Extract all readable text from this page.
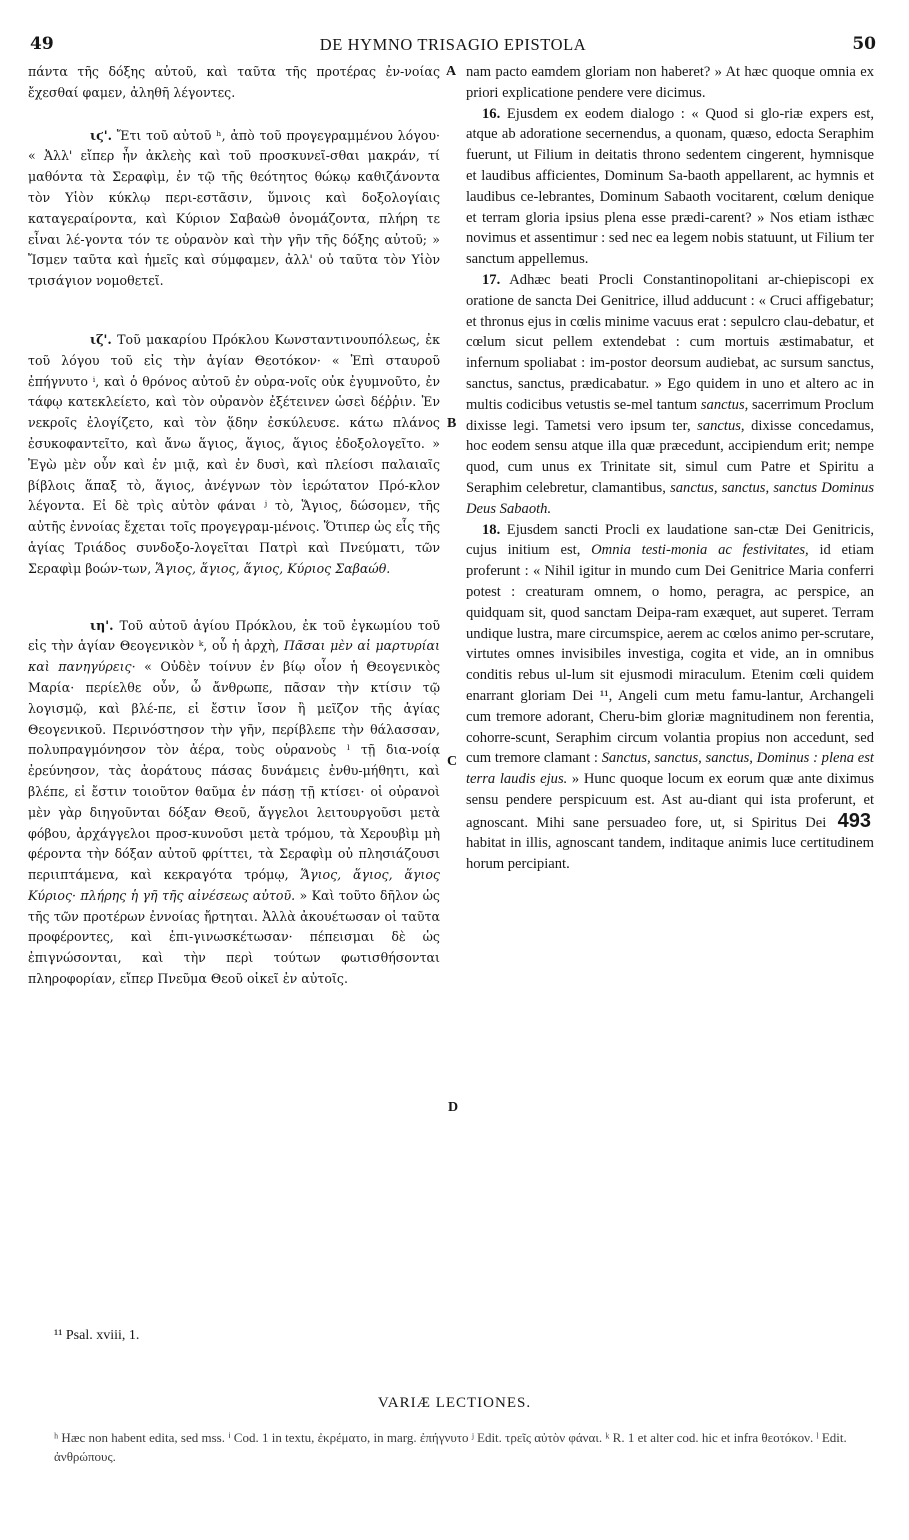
49	DE HYMNO TRISAGIO EPISTOLA	50
A
B
C
D

πάντα τῆς δόξης αὐτοῦ, καὶ ταῦτα τῆς προτέρας ἐν-νοίας ἔχεσθαί φαμεν, ἀληθῆ λέγοντες.

ιϛ'. Ἔτι τοῦ αὐτοῦ ʰ, ἀπὸ τοῦ προγεγραμμένου λόγου· « Ἀλλ' εἴπερ ἦν ἀκλεὴς καὶ τοῦ προσκυνεῖ-σθαι μακράν, τί μαθόντα τὰ Σεραφὶμ, ἐν τῷ τῆς θεότητος θώκῳ καθιζάνοντα τὸν Υἱὸν κύκλῳ περι-εστᾶσιν, ὕμνοις καὶ δοξολογίαις καταγεραίροντα, καὶ Κύριον Σαβαὼθ ὀνομάζοντα, πλήρη τε εἶναι λέ-γοντα τόν τε οὐρανὸν καὶ τὴν γῆν τῆς δόξης αὐτοῦ; » Ἴσμεν ταῦτα καὶ ἡμεῖς καὶ σύμφαμεν, ἀλλ' οὐ ταῦτα τὸν Υἱὸν τρισάγιον νομοθετεῖ.

ιζ'. Τοῦ μακαρίου Πρόκλου Κωνσταντινουπόλεως, ἐκ τοῦ λόγου τοῦ εἰς τὴν ἁγίαν Θεοτόκον· « Ἐπὶ σταυροῦ ἐπήγνυτο ⁱ, καὶ ὁ θρόνος αὐτοῦ ἐν οὐρα-νοῖς οὐκ ἐγυμνοῦτο, ἐν τάφῳ κατεκλείετο, καὶ τὸν οὐρανὸν ἐξέτεινεν ὡσεὶ δέῤῥιν. Ἐν νεκροῖς ἐλογίζετο, καὶ τὸν ᾅδην ἐσκύλευσε. κάτω πλάνος ἐσυκοφαντεῖτο, καὶ ἄνω ἅγιος, ἅγιος, ἅγιος ἐδοξολογεῖτο. » Ἐγὼ μὲν οὖν καὶ ἐν μιᾷ, καὶ ἐν δυσὶ, καὶ πλείοσι παλαιαῖς βίβλοις ἅπαξ τὸ, ἅγιος, ἀνέγνων τὸν ἱερώτατον Πρό-κλον λέγοντα. Εἰ δὲ τρὶς αὐτὸν φάναι ʲ τὸ, Ἅγιος, δώσομεν, τῆς αὐτῆς ἐννοίας ἔχεται τοῖς προγεγραμ-μένοις. Ὅτιπερ ὡς εἷς τῆς ἁγίας Τριάδος συνδοξο-λογεῖται Πατρὶ καὶ Πνεύματι, τῶν Σεραφὶμ βοών-των, Ἅγιος, ἅγιος, ἅγιος, Κύριος Σαβαώθ.

ιη'. Τοῦ αὐτοῦ ἁγίου Πρόκλου, ἐκ τοῦ ἐγκωμίου τοῦ εἰς τὴν ἁγίαν Θεογενικὸν ᵏ, οὗ ἡ ἀρχὴ, Πᾶσαι μὲν αἱ μαρτυρίαι καὶ πανηγύρεις· « Οὐδὲν τοίνυν ἐν βίῳ οἷον ἡ Θεογενικὸς Μαρία· περίελθε οὖν, ὦ ἄνθρωπε, πᾶσαν τὴν κτίσιν τῷ λογισμῷ, καὶ βλέ-πε, εἰ ἔστιν ἴσον ἢ μεῖζον τῆς ἁγίας Θεογενικοῦ. Περινόστησον τὴν γῆν, περίβλεπε τὴν θάλασσαν, πολυπραγμόνησον τὸν ἀέρα, τοὺς οὐρανοὺς ˡ τῇ δια-νοίᾳ ἐρεύνησον, τὰς ἀοράτους πάσας δυνάμεις ἐνθυ-μήθητι, καὶ βλέπε, εἰ ἔστιν τοιοῦτον θαῦμα ἐν πάσῃ τῇ κτίσει· οἱ οὐρανοὶ μὲν γὰρ διηγοῦνται δόξαν Θεοῦ, ἄγγελοι λειτουργοῦσι μετὰ φόβου, ἀρχάγγελοι προσ-κυνοῦσι μετὰ τρόμου, τὰ Χερουβὶμ μὴ φέροντα τὴν δόξαν αὐτοῦ φρίττει, τὰ Σεραφὶμ οὐ πλησιάζουσι περιιπτάμενα, καὶ κεκραγότα τρόμῳ, Ἅγιος, ἅγιος, ἅγιος Κύριος· πλήρης ἡ γῆ τῆς αἰνέσεως αὐτοῦ. » Καὶ τοῦτο δῆλον ὡς τῆς τῶν προτέρων ἐννοίας ἤρτηται. Ἀλλὰ ἀκουέτωσαν οἱ ταῦτα προφέροντες, καὶ ἐπι-γινωσκέτωσαν· πέπεισμαι δὲ ὡς ἐπιγνώσονται, καὶ τὴν περὶ τούτων φωτισθήσονται πληροφορίαν, εἴπερ Πνεῦμα Θεοῦ οἰκεῖ ἐν αὐτοῖς.

nam pacto eamdem gloriam non haberet? » At hæc quoque omnia ex priori explicatione pendere vere dicimus.

16. Ejusdem ex eodem dialogo : « Quod si glo-riæ expers est, atque ab adoratione secernendus, a quonam, quæso, edocta Seraphim fuerunt, ut Filium in deitatis throno sedentem cingerent, hymnisque et laudibus afficientes, Dominum Sa-baoth appellarent, ac hymnis et laudibus ce-lebrantes, Dominum Sabaoth vocitarent, cœlum denique et terram gloria ipsius plena esse prædi-carent? » Nos etiam isthæc novimus et assentimur : sed nec ea legem nobis statuunt, ut Filium ter sanctum appellemus.

17. Adhæc beati Procli Constantinopolitani ar-chiepiscopi ex oratione de sancta Dei Genitrice, illud adducunt : « Cruci affigebatur; et thronus ejus in cœlis minime vacuus erat : sepulcro clau-debatur, et cœlum sicut pellem extendebat : cum mortuis æstimabatur, et infernum spoliabat : im-postor deorsum audiebat, ac sursum sanctus, sanctus, sanctus, prædicabatur. » Ego quidem in uno et altero ac in multis codicibus vetustis se-mel tantum sanctus, sacerrimum Proclum dixisse legi. Tametsi vero ipsum ter, sanctus, dixisse concedamus, hoc eodem sensu atque illa quæ præcedunt, accipiendum erit; nempe quod, cum unus ex Trinitate sit, simul cum Patre et Spiritu a Seraphim celebretur, clamantibus, sanctus, sanctus, sanctus Dominus Deus Sabaoth.

18. Ejusdem sancti Procli ex laudatione san-ctæ Dei Genitricis, cujus initium est, Omnia testi-monia ac festivitates, id etiam proferunt : « Nihil igitur in mundo cum Dei Genitrice Maria conferri potest : creaturam omnem, o homo, peragra, ac perspice, an quidquam sit, quod sanctam Deipa-ram exæquet, aut superet. Terram undique lustra, mare circumspice, aerem ac cœlos animo per-scrutare, virtutes omnes invisibiles investiga, cogita et vide, an in omnibus conditis rebus ul-lum sit ejusmodi miraculum. Etenim cœli quidem enarrant gloriam Dei ¹¹, Angeli cum metu famu-lantur, Archangeli cum tremore adorant, Cheru-bim gloriæ magnitudinem non ferentia, cohorre-scunt, Seraphim circum volantia propius non accedunt, sed cum tremore clamant : Sanctus, sanctus, sanctus, Dominus : plena est terra laudis ejus. » Hunc quoque locum ex eorum quæ ante diximus sensu pendere perspicuum est. Ast au-diant qui ista proferunt, et agnoscant. Mihi sane persuadeo fore, ut, si Spiritus Dei 493 habitat in illis, agnoscant tandem, inditaque animis luce certitudinem horum percipiant.

¹¹ Psal. xviii, 1.
VARIÆ LECTIONES.
ʰ Hæc non habent edita, sed mss. ⁱ Cod. 1 in textu, ἐκρέματο, in marg. ἐπήγνυτο ʲ Edit. τρεῖς αὐτὸν φάναι. ᵏ R. 1 et alter cod. hic et infra θεοτόκον. ˡ Edit. ἀνθρώπους.
